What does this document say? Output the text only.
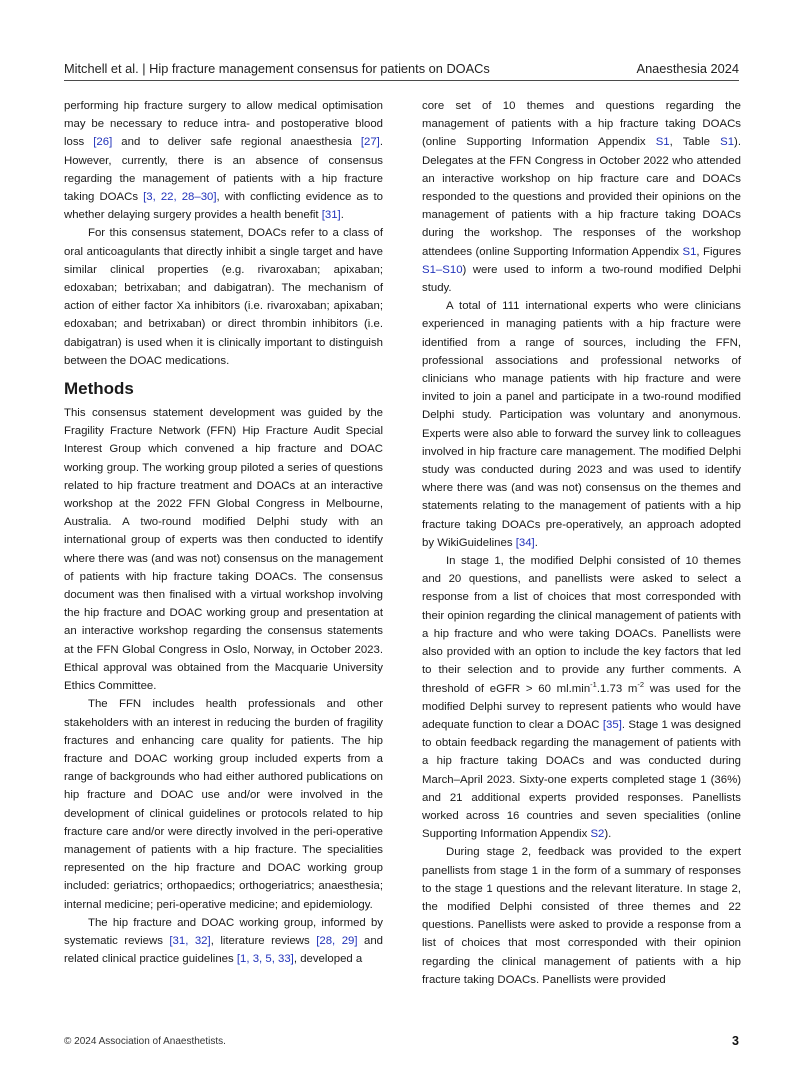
Mitchell et al. | Hip fracture management consensus for patients on DOACs	Anaesthesia 2024

performing hip fracture surgery to allow medical optimisation may be necessary to reduce intra- and postoperative blood loss [26] and to deliver safe regional anaesthesia [27]. However, currently, there is an absence of consensus regarding the management of patients with a hip fracture taking DOACs [3, 22, 28–30], with conflicting evidence as to whether delaying surgery provides a health benefit [31].

For this consensus statement, DOACs refer to a class of oral anticoagulants that directly inhibit a single target and have similar clinical properties (e.g. rivaroxaban; apixaban; edoxaban; betrixaban; and dabigatran). The mechanism of action of either factor Xa inhibitors (i.e. rivaroxaban; apixaban; edoxaban; and betrixaban) or direct thrombin inhibitors (i.e. dabigatran) is used when it is clinically important to distinguish between the DOAC medications.

Methods

This consensus statement development was guided by the Fragility Fracture Network (FFN) Hip Fracture Audit Special Interest Group which convened a hip fracture and DOAC working group. The working group piloted a series of questions related to hip fracture treatment and DOACs at an interactive workshop at the 2022 FFN Global Congress in Melbourne, Australia. A two-round modified Delphi study with an international group of experts was then conducted to identify where there was (and was not) consensus on the management of patients with hip fracture taking DOACs. The consensus document was then finalised with a virtual workshop involving the hip fracture and DOAC working group and presentation at an interactive workshop regarding the consensus statements at the FFN Global Congress in Oslo, Norway, in October 2023. Ethical approval was obtained from the Macquarie University Ethics Committee.

The FFN includes health professionals and other stakeholders with an interest in reducing the burden of fragility fractures and enhancing care quality for patients. The hip fracture and DOAC working group included experts from a range of backgrounds who had either authored publications on hip fracture and DOAC use and/or were involved in the development of clinical guidelines or protocols related to hip fracture care and/or were directly involved in the peri-operative management of patients with a hip fracture. The specialities represented on the hip fracture and DOAC working group included: geriatrics; orthopaedics; orthogeriatrics; anaesthesia; internal medicine; peri-operative medicine; and epidemiology.

The hip fracture and DOAC working group, informed by systematic reviews [31, 32], literature reviews [28, 29] and related clinical practice guidelines [1, 3, 5, 33], developed a

core set of 10 themes and questions regarding the management of patients with a hip fracture taking DOACs (online Supporting Information Appendix S1, Table S1). Delegates at the FFN Congress in October 2022 who attended an interactive workshop on hip fracture care and DOACs responded to the questions and provided their opinions on the management of patients with a hip fracture taking DOACs during the workshop. The responses of the workshop attendees (online Supporting Information Appendix S1, Figures S1–S10) were used to inform a two-round modified Delphi study.

A total of 111 international experts who were clinicians experienced in managing patients with a hip fracture were identified from a range of sources, including the FFN, professional associations and professional networks of clinicians who manage patients with hip fracture and were invited to join a panel and participate in a two-round modified Delphi study. Participation was voluntary and anonymous. Experts were also able to forward the survey link to colleagues involved in hip fracture care management. The modified Delphi study was conducted during 2023 and was used to identify where there was (and was not) consensus on the themes and statements relating to the management of patients with a hip fracture taking DOACs pre-operatively, an approach adopted by WikiGuidelines [34].

In stage 1, the modified Delphi consisted of 10 themes and 20 questions, and panellists were asked to select a response from a list of choices that most corresponded with their opinion regarding the clinical management of patients with a hip fracture and who were taking DOACs. Panellists were also provided with an option to include the key factors that led to their selection and to provide any further comments. A threshold of eGFR > 60 $ml.\min^{-1}.1.73$ $m^{-2}$ was used for the modified Delphi survey to represent patients who would have adequate function to clear a DOAC [35]. Stage 1 was designed to obtain feedback regarding the management of patients with a hip fracture taking DOACs and was conducted during March–April 2023. Sixty-one experts completed stage 1 (36%) and 21 additional experts provided responses. Panellists worked across 16 countries and seven specialities (online Supporting Information Appendix S2).

During stage 2, feedback was provided to the expert panellists from stage 1 in the form of a summary of responses to the stage 1 questions and the relevant literature. In stage 2, the modified Delphi consisted of three themes and 22 questions. Panellists were asked to provide a response from a list of choices that most corresponded with their opinion regarding the clinical management of patients with a hip fracture taking DOACs. Panellists were provided

© 2024 Association of Anaesthetists.	3
